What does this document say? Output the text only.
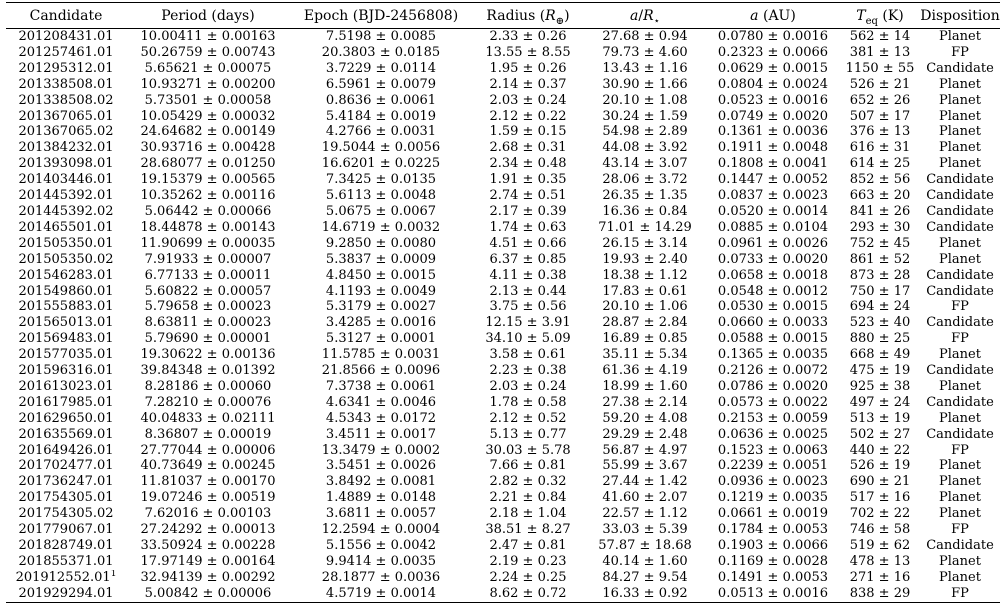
Candidate	Period (days)	Epoch (BJD-2456808)	Radius $(R_\oplus)$	$a/R_⋆$	a (AU)	$T_{eq}$ (K)	Disposition
201208431.01	10.00411 ± 0.00163	7.5198 ± 0.0085	2.33 ± 0.26	27.68 ± 0.94	0.0780 ± 0.0016	562 ± 14	Planet
201257461.01	50.26759 ± 0.00743	20.3803 ± 0.0185	13.55 ± 8.55	79.73 ± 4.60	0.2323 ± 0.0066	381 ± 13	FP
201295312.01	5.65621 ± 0.00075	3.7229 ± 0.0114	1.95 ± 0.26	13.43 ± 1.16	0.0629 ± 0.0015	1150 ± 55	Candidate
201338508.01	10.93271 ± 0.00200	6.5961 ± 0.0079	2.14 ± 0.37	30.90 ± 1.66	0.0804 ± 0.0024	526 ± 21	Planet
201338508.02	5.73501 ± 0.00058	0.8636 ± 0.0061	2.03 ± 0.24	20.10 ± 1.08	0.0523 ± 0.0016	652 ± 26	Planet
201367065.01	10.05429 ± 0.00032	5.4184 ± 0.0019	2.12 ± 0.22	30.24 ± 1.59	0.0749 ± 0.0020	507 ± 17	Planet
201367065.02	24.64682 ± 0.00149	4.2766 ± 0.0031	1.59 ± 0.15	54.98 ± 2.89	0.1361 ± 0.0036	376 ± 13	Planet
201384232.01	30.93716 ± 0.00428	19.5044 ± 0.0056	2.68 ± 0.31	44.08 ± 3.92	0.1911 ± 0.0048	616 ± 31	Planet
201393098.01	28.68077 ± 0.01250	16.6201 ± 0.0225	2.34 ± 0.48	43.14 ± 3.07	0.1808 ± 0.0041	614 ± 25	Planet
201403446.01	19.15379 ± 0.00565	7.3425 ± 0.0135	1.91 ± 0.35	28.06 ± 3.72	0.1447 ± 0.0052	852 ± 56	Candidate
201445392.01	10.35262 ± 0.00116	5.6113 ± 0.0048	2.74 ± 0.51	26.35 ± 1.35	0.0837 ± 0.0023	663 ± 20	Candidate
201445392.02	5.06442 ± 0.00066	5.0675 ± 0.0067	2.17 ± 0.39	16.36 ± 0.84	0.0520 ± 0.0014	841 ± 26	Candidate
201465501.01	18.44878 ± 0.00143	14.6719 ± 0.0032	1.74 ± 0.63	71.01 ± 14.29	0.0885 ± 0.0104	293 ± 30	Candidate
201505350.01	11.90699 ± 0.00035	9.2850 ± 0.0080	4.51 ± 0.66	26.15 ± 3.14	0.0961 ± 0.0026	752 ± 45	Planet
201505350.02	7.91933 ± 0.00007	5.3837 ± 0.0009	6.37 ± 0.85	19.93 ± 2.40	0.0733 ± 0.0020	861 ± 52	Planet
201546283.01	6.77133 ± 0.00011	4.8450 ± 0.0015	4.11 ± 0.38	18.38 ± 1.12	0.0658 ± 0.0018	873 ± 28	Candidate
201549860.01	5.60822 ± 0.00057	4.1193 ± 0.0049	2.13 ± 0.44	17.83 ± 0.61	0.0548 ± 0.0012	750 ± 17	Candidate
201555883.01	5.79658 ± 0.00023	5.3179 ± 0.0027	3.75 ± 0.56	20.10 ± 1.06	0.0530 ± 0.0015	694 ± 24	FP
201565013.01	8.63811 ± 0.00023	3.4285 ± 0.0016	12.15 ± 3.91	28.87 ± 2.84	0.0660 ± 0.0033	523 ± 40	Candidate
201569483.01	5.79690 ± 0.00001	5.3127 ± 0.0001	34.10 ± 5.09	16.89 ± 0.85	0.0588 ± 0.0015	880 ± 25	FP
201577035.01	19.30622 ± 0.00136	11.5785 ± 0.0031	3.58 ± 0.61	35.11 ± 5.34	0.1365 ± 0.0035	668 ± 49	Planet
201596316.01	39.84348 ± 0.01392	21.8566 ± 0.0096	2.23 ± 0.38	61.36 ± 4.19	0.2126 ± 0.0072	475 ± 19	Candidate
201613023.01	8.28186 ± 0.00060	7.3738 ± 0.0061	2.03 ± 0.24	18.99 ± 1.60	0.0786 ± 0.0020	925 ± 38	Planet
201617985.01	7.28210 ± 0.00076	4.6341 ± 0.0046	1.78 ± 0.58	27.38 ± 2.14	0.0573 ± 0.0022	497 ± 24	Candidate
201629650.01	40.04833 ± 0.02111	4.5343 ± 0.0172	2.12 ± 0.52	59.20 ± 4.08	0.2153 ± 0.0059	513 ± 19	Planet
201635569.01	8.36807 ± 0.00019	3.4511 ± 0.0017	5.13 ± 0.77	29.29 ± 2.48	0.0636 ± 0.0025	502 ± 27	Candidate
201649426.01	27.77044 ± 0.00006	13.3479 ± 0.0002	30.03 ± 5.78	56.87 ± 4.97	0.1523 ± 0.0063	440 ± 22	FP
201702477.01	40.73649 ± 0.00245	3.5451 ± 0.0026	7.66 ± 0.81	55.99 ± 3.67	0.2239 ± 0.0051	526 ± 19	Planet
201736247.01	11.81037 ± 0.00170	3.8492 ± 0.0081	2.82 ± 0.32	27.44 ± 1.42	0.0936 ± 0.0023	690 ± 21	Planet
201754305.01	19.07246 ± 0.00519	1.4889 ± 0.0148	2.21 ± 0.84	41.60 ± 2.07	0.1219 ± 0.0035	517 ± 16	Planet
201754305.02	7.62016 ± 0.00103	3.6811 ± 0.0057	2.18 ± 1.04	22.57 ± 1.12	0.0661 ± 0.0019	702 ± 22	Planet
201779067.01	27.24292 ± 0.00013	12.2594 ± 0.0004	38.51 ± 8.27	33.03 ± 5.39	0.1784 ± 0.0053	746 ± 58	FP
201828749.01	33.50924 ± 0.00228	5.1556 ± 0.0042	2.47 ± 0.81	57.87 ± 18.68	0.1903 ± 0.0066	519 ± 62	Candidate
201855371.01	17.97149 ± 0.00164	9.9414 ± 0.0035	2.19 ± 0.23	40.14 ± 1.60	0.1169 ± 0.0028	478 ± 13	Planet
201912552.01$^1$	32.94139 ± 0.00292	28.1877 ± 0.0036	2.24 ± 0.25	84.27 ± 9.54	0.1491 ± 0.0053	271 ± 16	Planet
201929294.01	5.00842 ± 0.00006	4.5719 ± 0.0014	8.62 ± 0.72	16.33 ± 0.92	0.0513 ± 0.0016	838 ± 29	FP
